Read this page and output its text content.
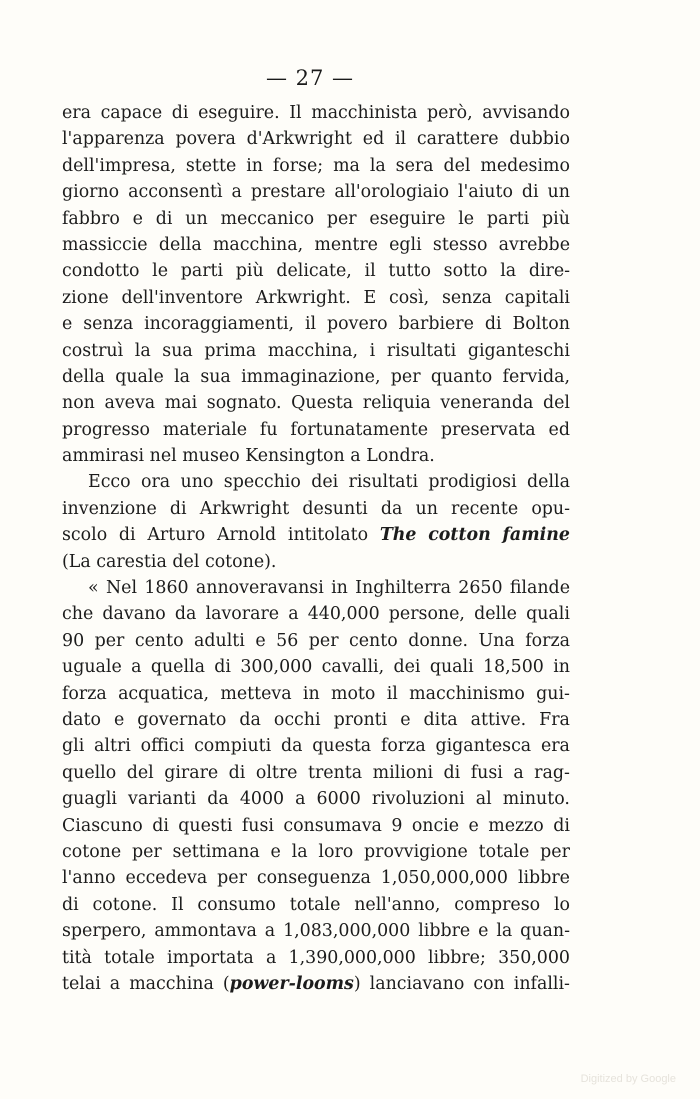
— 27 —
era capace di eseguire. Il macchinista però, avvisando
l'apparenza povera d'Arkwright ed il carattere dubbio
dell'impresa, stette in forse; ma la sera del medesimo
giorno acconsentì a prestare all'orologiaio l'aiuto di un
fabbro e di un meccanico per eseguire le parti più
massiccie della macchina, mentre egli stesso avrebbe
condotto le parti più delicate, il tutto sotto la dire-
zione dell'inventore Arkwright. E così, senza capitali
e senza incoraggiamenti, il povero barbiere di Bolton
costruì la sua prima macchina, i risultati giganteschi
della quale la sua immaginazione, per quanto fervida,
non aveva mai sognato. Questa reliquia veneranda del
progresso materiale fu fortunatamente preservata ed
ammirasi nel museo Kensington a Londra.
Ecco ora uno specchio dei risultati prodigiosi della
invenzione di Arkwright desunti da un recente opu-
scolo di Arturo Arnold intitolato The cotton famine
(La carestia del cotone).
« Nel 1860 annoveravansi in Inghilterra 2650 filande
che davano da lavorare a 440,000 persone, delle quali
90 per cento adulti e 56 per cento donne. Una forza
uguale a quella di 300,000 cavalli, dei quali 18,500 in
forza acquatica, metteva in moto il macchinismo gui-
dato e governato da occhi pronti e dita attive. Fra
gli altri offici compiuti da questa forza gigantesca era
quello del girare di oltre trenta milioni di fusi a rag-
guagli varianti da 4000 a 6000 rivoluzioni al minuto.
Ciascuno di questi fusi consumava 9 oncie e mezzo di
cotone per settimana e la loro provvigione totale per
l'anno eccedeva per conseguenza 1,050,000,000 libbre
di cotone. Il consumo totale nell'anno, compreso lo
sperpero, ammontava a 1,083,000,000 libbre e la quan-
tità totale importata a 1,390,000,000 libbre; 350,000
telai a macchina (power-looms) lanciavano con infalli-
Digitized by Google
